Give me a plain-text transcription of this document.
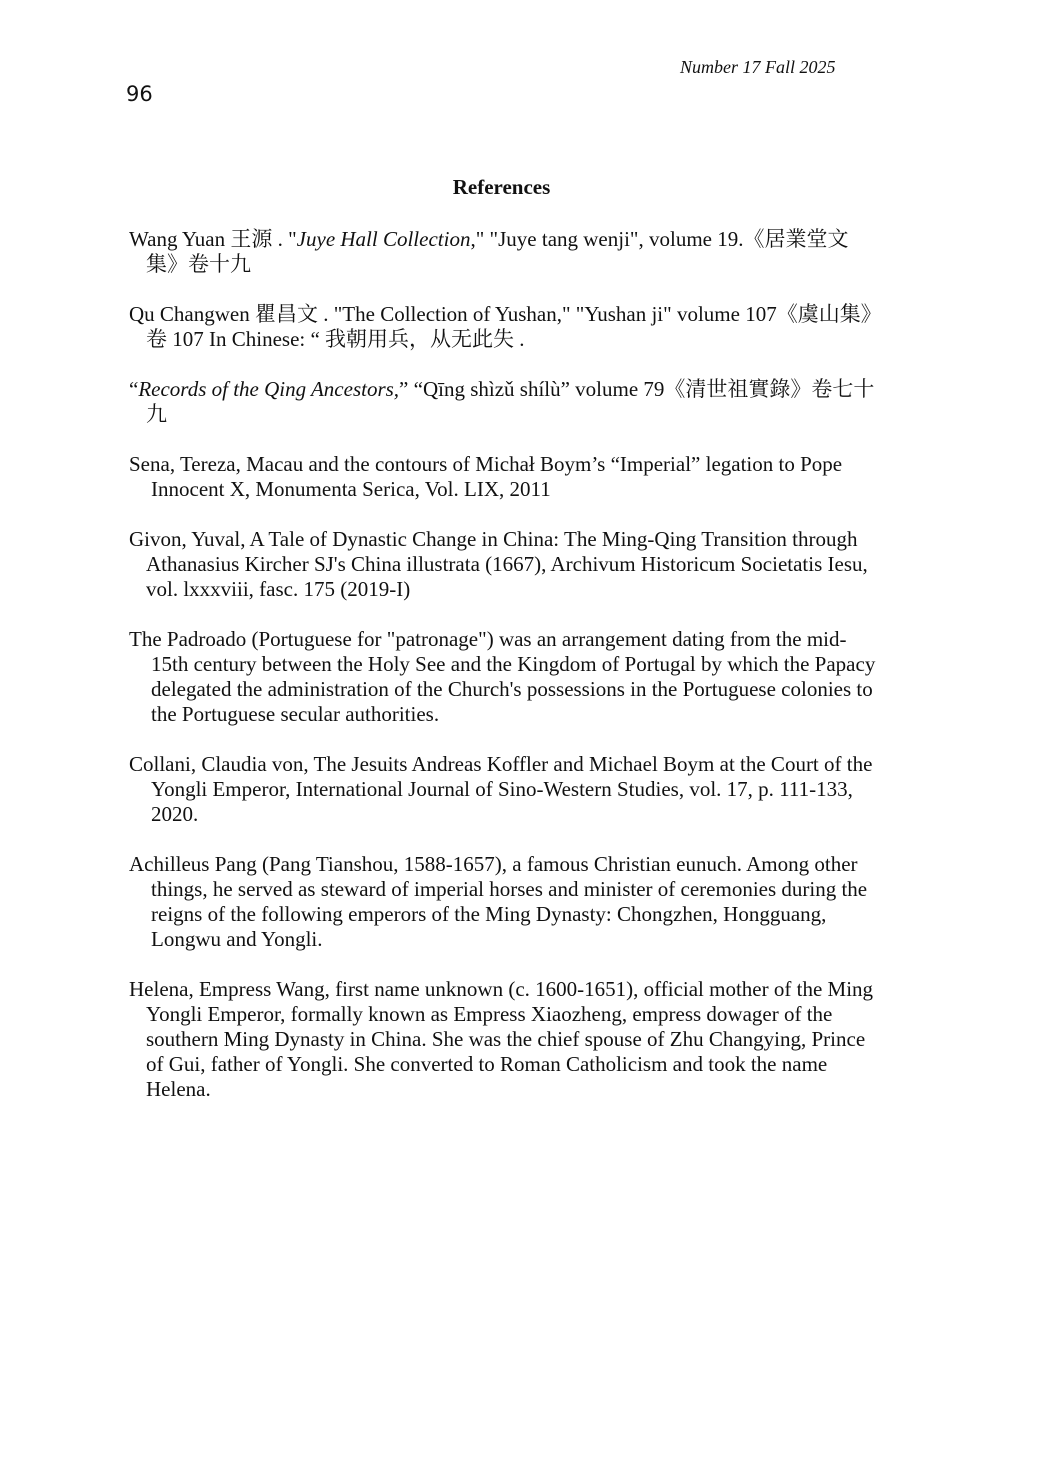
Number 17 Fall 2025
96
References
Wang Yuan 王源 . "Juye Hall Collection," "Juye tang wenji", volume 19.《居業堂文集》卷十九
Qu Changwen 瞿昌文 . "The Collection of Yushan," "Yushan ji" volume 107《虞山集》卷 107 In Chinese: “ 我朝用兵，从无此失 .
“Records of the Qing Ancestors,” “Qīng shìzǔ shílù” volume 79《清世祖實錄》卷七十九
Sena, Tereza, Macau and the contours of Michał Boym’s “Imperial” legation to Pope Innocent X, Monumenta Serica, Vol. LIX, 2011
Givon, Yuval, A Tale of Dynastic Change in China: The Ming-Qing Transition through Athanasius Kircher SJ's China illustrata (1667), Archivum Historicum Societatis Iesu, vol. lxxxviii, fasc. 175 (2019-I)
The Padroado (Portuguese for "patronage") was an arrangement dating from the mid-15th century between the Holy See and the Kingdom of Portugal by which the Papacy delegated the administration of the Church's possessions in the Portuguese colonies to the Portuguese secular authorities.
Collani, Claudia von, The Jesuits Andreas Koffler and Michael Boym at the Court of the Yongli Emperor, International Journal of Sino-Western Studies, vol. 17, p. 111-133, 2020.
Achilleus Pang (Pang Tianshou, 1588-1657), a famous Christian eunuch. Among other things, he served as steward of imperial horses and minister of ceremonies during the reigns of the following emperors of the Ming Dynasty: Chongzhen, Hongguang, Longwu and Yongli.
Helena, Empress Wang, first name unknown (c. 1600-1651), official mother of the Ming Yongli Emperor, formally known as Empress Xiaozheng, empress dowager of the southern Ming Dynasty in China. She was the chief spouse of Zhu Changying, Prince of Gui, father of Yongli. She converted to Roman Catholicism and took the name Helena.
